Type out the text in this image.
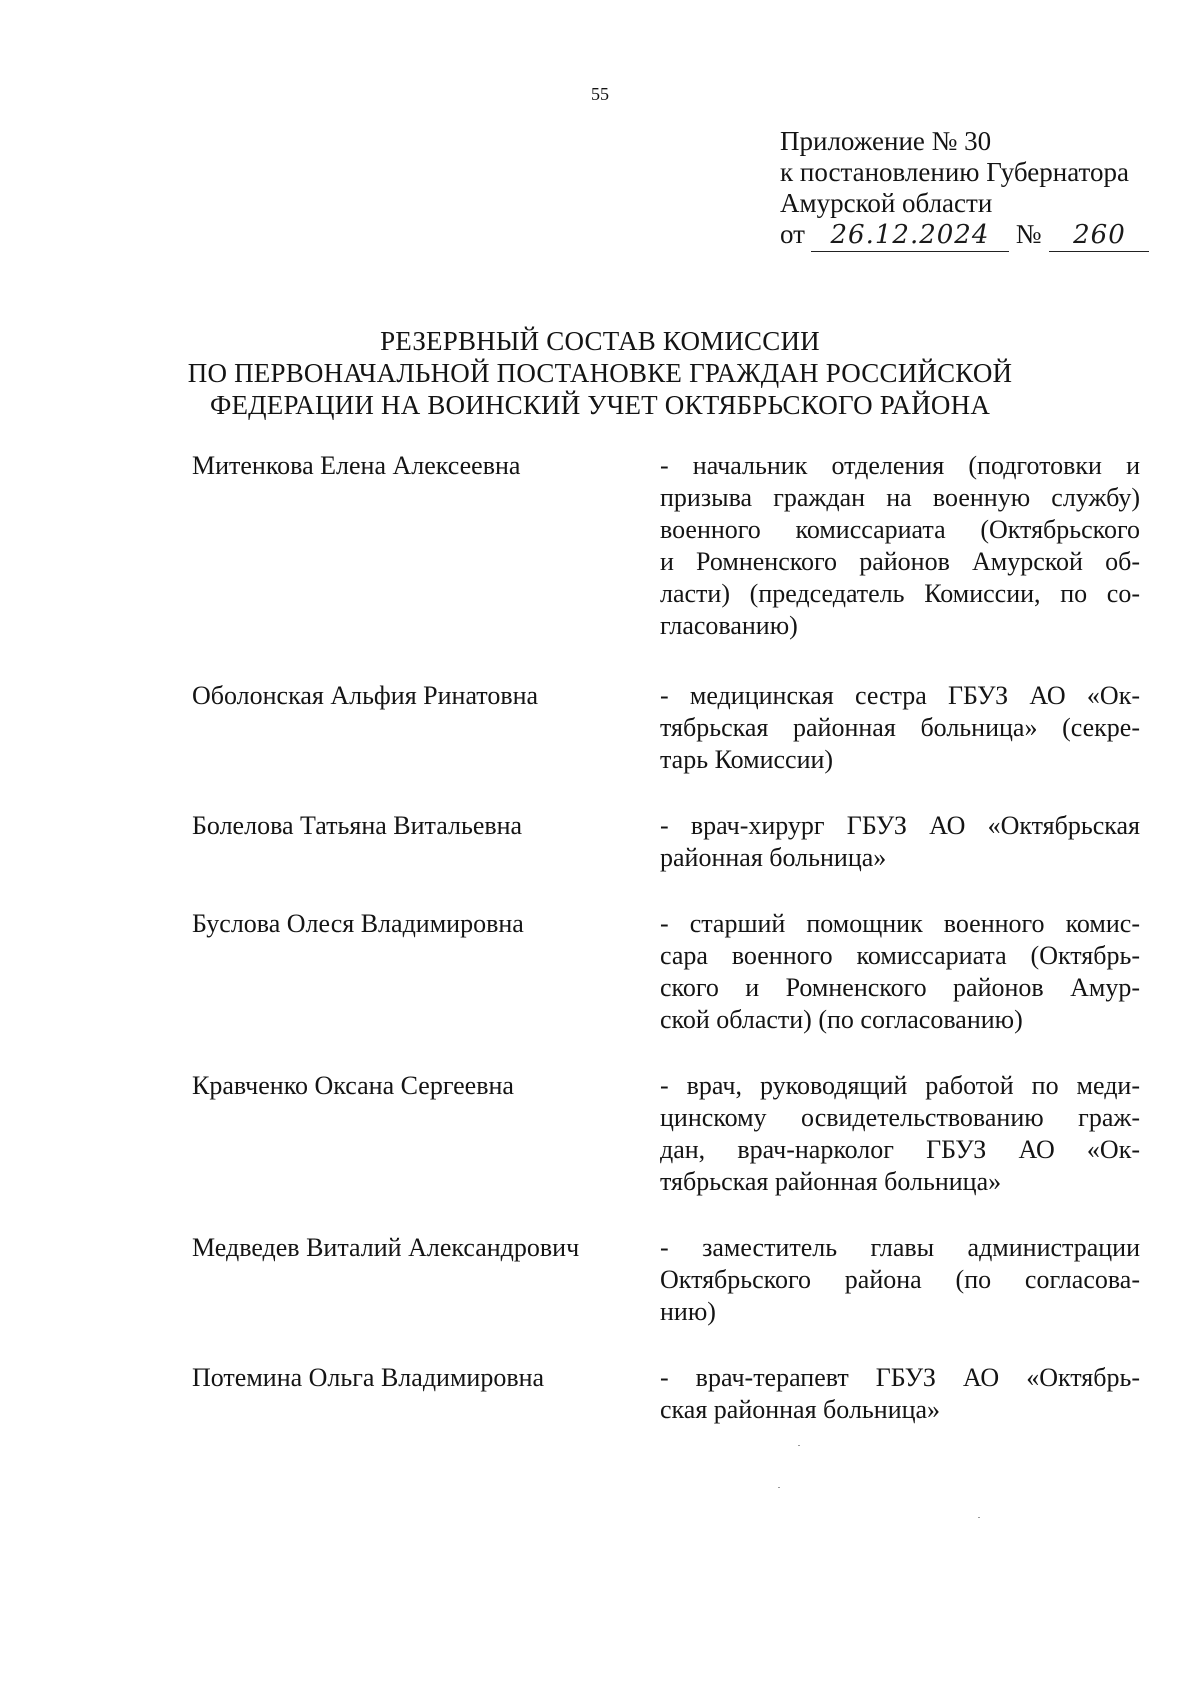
55
Приложение № 30
к постановлению Губернатора
Амурской области
от 26.12.2024 № 260
РЕЗЕРВНЫЙ СОСТАВ КОМИССИИ
ПО ПЕРВОНАЧАЛЬНОЙ ПОСТАНОВКЕ ГРАЖДАН РОССИЙСКОЙ
ФЕДЕРАЦИИ НА ВОИНСКИЙ УЧЕТ ОКТЯБРЬСКОГО РАЙОНА
Митенкова Елена Алексеевна	- начальник отделения (подготовки и
призыва граждан на военную службу)
военного комиссариата (Октябрьского
и Ромненского районов Амурской об-
ласти) (председатель Комиссии, по со-
гласованию)
Оболонская Альфия Ринатовна	- медицинская сестра ГБУЗ АО «Ок-
тябрьская районная больница» (секре-
тарь Комиссии)
Болелова Татьяна Витальевна	- врач-хирург ГБУЗ АО «Октябрьская
районная больница»
Буслова Олеся Владимировна	- старший помощник военного комис-
сара военного комиссариата (Октябрь-
ского и Ромненского районов Амур-
ской области) (по согласованию)
Кравченко Оксана Сергеевна	- врач, руководящий работой по меди-
цинскому освидетельствованию граж-
дан, врач-нарколог ГБУЗ АО «Ок-
тябрьская районная больница»
Медведев Виталий Александрович	- заместитель главы администрации
Октябрьского района (по согласова-
нию)
Потемина Ольга Владимировна	- врач-терапевт ГБУЗ АО «Октябрь-
ская районная больница»
